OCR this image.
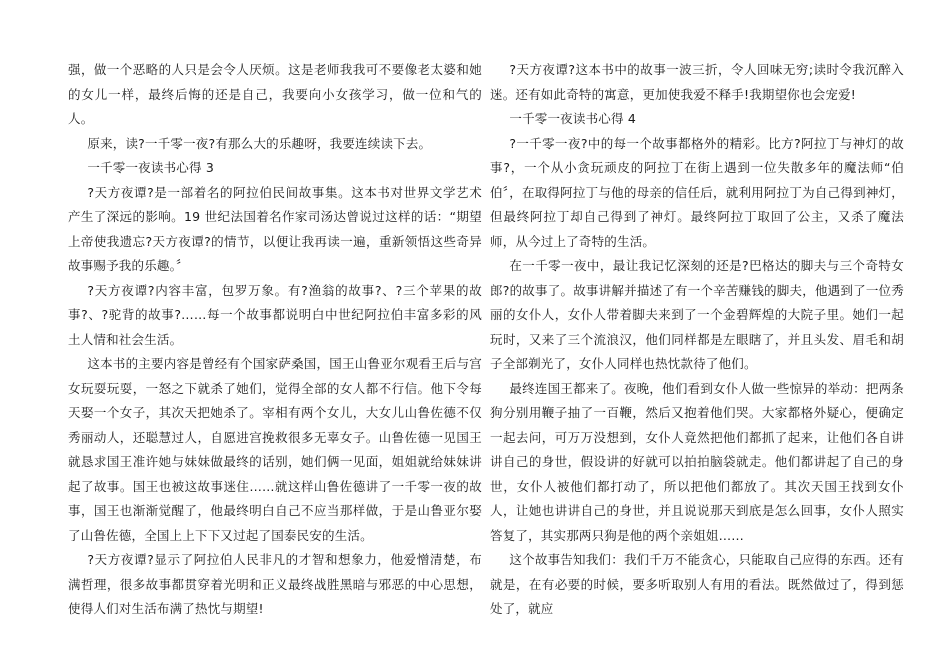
强，做一个恶略的人只是会令人厌烦。这是老师我我可不要像老太婆和她的女儿一样，最终后悔的还是自己，我要向小女孩学习，做一位和气的人。

原来，读?一千零一夜?有那么大的乐趣呀，我要连续读下去。

一千零一夜读书心得 3

?天方夜谭?是一部着名的阿拉伯民间故事集。这本书对世界文学艺术产生了深远的影响。19 世纪法国着名作家司汤达曾说过这样的话：“期望上帝使我遗忘?天方夜谭?的情节，以便让我再读一遍，重新领悟这些奇异故事赐予我的乐趣。〞

?天方夜谭?内容丰富，包罗万象。有?渔翁的故事?、?三个苹果的故事?、?驼背的故事?……每一个故事都说明白中世纪阿拉伯丰富多彩的风土人情和社会生活。

这本书的主要内容是曾经有个国家萨桑国，国王山鲁亚尔观看王后与宫女玩耍玩耍，一怒之下就杀了她们，觉得全部的女人都不行信。他下令每天娶一个女子，其次天把她杀了。宰相有两个女儿，大女儿山鲁佐德不仅秀丽动人，还聪慧过人，自愿进宫挽救很多无辜女子。山鲁佐德一见国王就恳求国王准许她与妹妹做最终的话别，她们俩一见面，姐姐就给妹妹讲起了故事。国王也被这故事迷住……就这样山鲁佐德讲了一千零一夜的故事，国王也渐渐觉醒了，他最终明白自己不应当那样做，于是山鲁亚尔娶了山鲁佐德，全国上上下下又过起了国泰民安的生活。

?天方夜谭?显示了阿拉伯人民非凡的才智和想象力，他爱憎清楚，布满哲理，很多故事都贯穿着光明和正义最终战胜黑暗与邪恶的中心思想，使得人们对生活布满了热忱与期望!

?天方夜谭?这本书中的故事一波三折，令人回味无穷;读时令我沉醉入迷。还有如此奇特的寓意，更加使我爱不释手!我期望你也会宠爱!

一千零一夜读书心得 4

?一千零一夜?中的每一个故事都格外的精彩。比方?阿拉丁与神灯的故事?，一个从小贪玩顽皮的阿拉丁在街上遇到一位失散多年的魔法师“伯伯〞，在取得阿拉丁与他的母亲的信任后，就利用阿拉丁为自己得到神灯，但最终阿拉丁却自己得到了神灯。最终阿拉丁取回了公主，又杀了魔法师，从今过上了奇特的生活。

在一千零一夜中，最让我记忆深刻的还是?巴格达的脚夫与三个奇特女郎?的故事了。故事讲解并描述了有一个辛苦赚钱的脚夫，他遇到了一位秀丽的女仆人，女仆人带着脚夫来到了一个金碧辉煌的大院子里。她们一起玩时，又来了三个流浪汉，他们同样都是左眼瞎了，并且头发、眉毛和胡子全部剃光了，女仆人同样也热忱款待了他们。

最终连国王都来了。夜晚，他们看到女仆人做一些惊异的举动：把两条狗分别用鞭子抽了一百鞭，然后又抱着他们哭。大家都格外疑心，便确定一起去问，可万万没想到，女仆人竟然把他们都抓了起来，让他们各自讲讲自己的身世，假设讲的好就可以拍拍脑袋就走。他们都讲起了自己的身世，女仆人被他们都打动了，所以把他们都放了。其次天国王找到女仆人，让她也讲讲自己的身世，并且说说那天到底是怎么回事，女仆人照实答复了，其实那两只狗是他的两个亲姐姐……

这个故事告知我们：我们千万不能贪心，只能取自己应得的东西。还有就是，在有必要的时候，要多听取别人有用的看法。既然做过了，得到惩处了，就应
